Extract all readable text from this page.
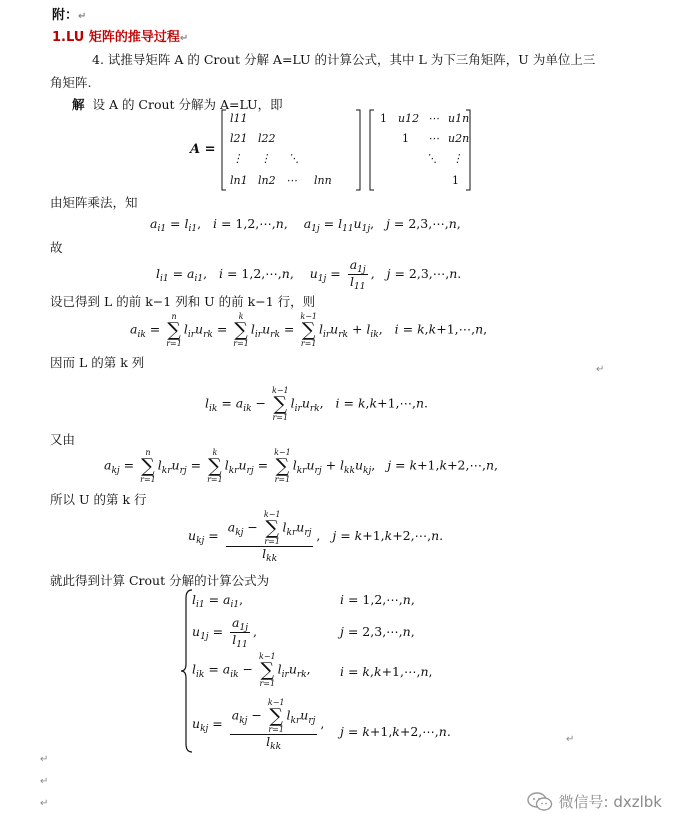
附：↵
1.LU 矩阵的推导过程↵
4. 试推导矩阵 A 的 Crout 分解 A=LU 的计算公式，其中 L 为下三角矩阵，U 为单位上三
角矩阵.
解 设 A 的 Crout 分解为 A=LU，即
A =
l11
l21 l22
⋮ ⋮ ⋱
ln1 ln2 ⋯ lnn
1 u12 ⋯ u1n
1 ⋯ u2n
⋱ ⋮
1
由矩阵乘法，知
$a_{i1} = l_{i1}$,   i = 1,2,⋯,n,    $a_{1j} = l_{11}u_{1j}$,   j = 2,3,⋯,n,
故
$l_{i1} = a_{i1}$,   i = 1,2,⋯,n,    $u_{1j} = \frac{a_{1j}}{l_{11}}$ ,   j = 2,3,⋯,n.
设已得到 L 的前 k−1 列和 U 的前 k−1 行，则
$a_{ik}$ =
n
∑
r=1
$l_{ir}u_{rk}$ =
k
∑
r=1
$l_{ir}u_{rk}$ =
k−1
∑
r=1
$l_{ir}u_{rk} + l_{ik}$,   i = k,k+1,⋯,n,
因而 L 的第 k 列	↵
$l_{ik} = a_{ik}$ −
k−1
∑
r=1
$l_{ir}u_{rk}$,   i = k,k+1,⋯,n.
又由
$a_{kj}$ =
n
∑
r=1
$l_{kr}u_{rj}$ =
k
∑
r=1
$l_{kr}u_{rj}$ =
k−1
∑
r=1
$l_{kr}u_{rj} + l_{kk}u_{kj}$,   j = k+1,k+2,⋯,n,
所以 U 的第 k 行
$u_{kj} = a_{kj}$ −
k−1
∑
r=1
$l_{kr}u_{rj}$
$l_{kk}$ ,   j = k+1,k+2,⋯,n.
就此得到计算 Crout 分解的计算公式为
$l_{i1} = a_{i1}$,	i = 1,2,⋯,n,
$u_{1j} = \frac{a_{1j}}{l_{11}}$ ,	j = 2,3,⋯,n,
$l_{ik} = a_{ik}$ −
k−1
∑
r=1
$l_{ir}u_{rk}$, i = k,k+1,⋯,n,
$u_{kj} = a_{kj}$ −
k−1
∑
r=1
$l_{kr}u_{rj}$
$l_{kk}$ ,
j = k+1,k+2,⋯,n.
↵
↵
↵
↵	微信号: dxzlbk
